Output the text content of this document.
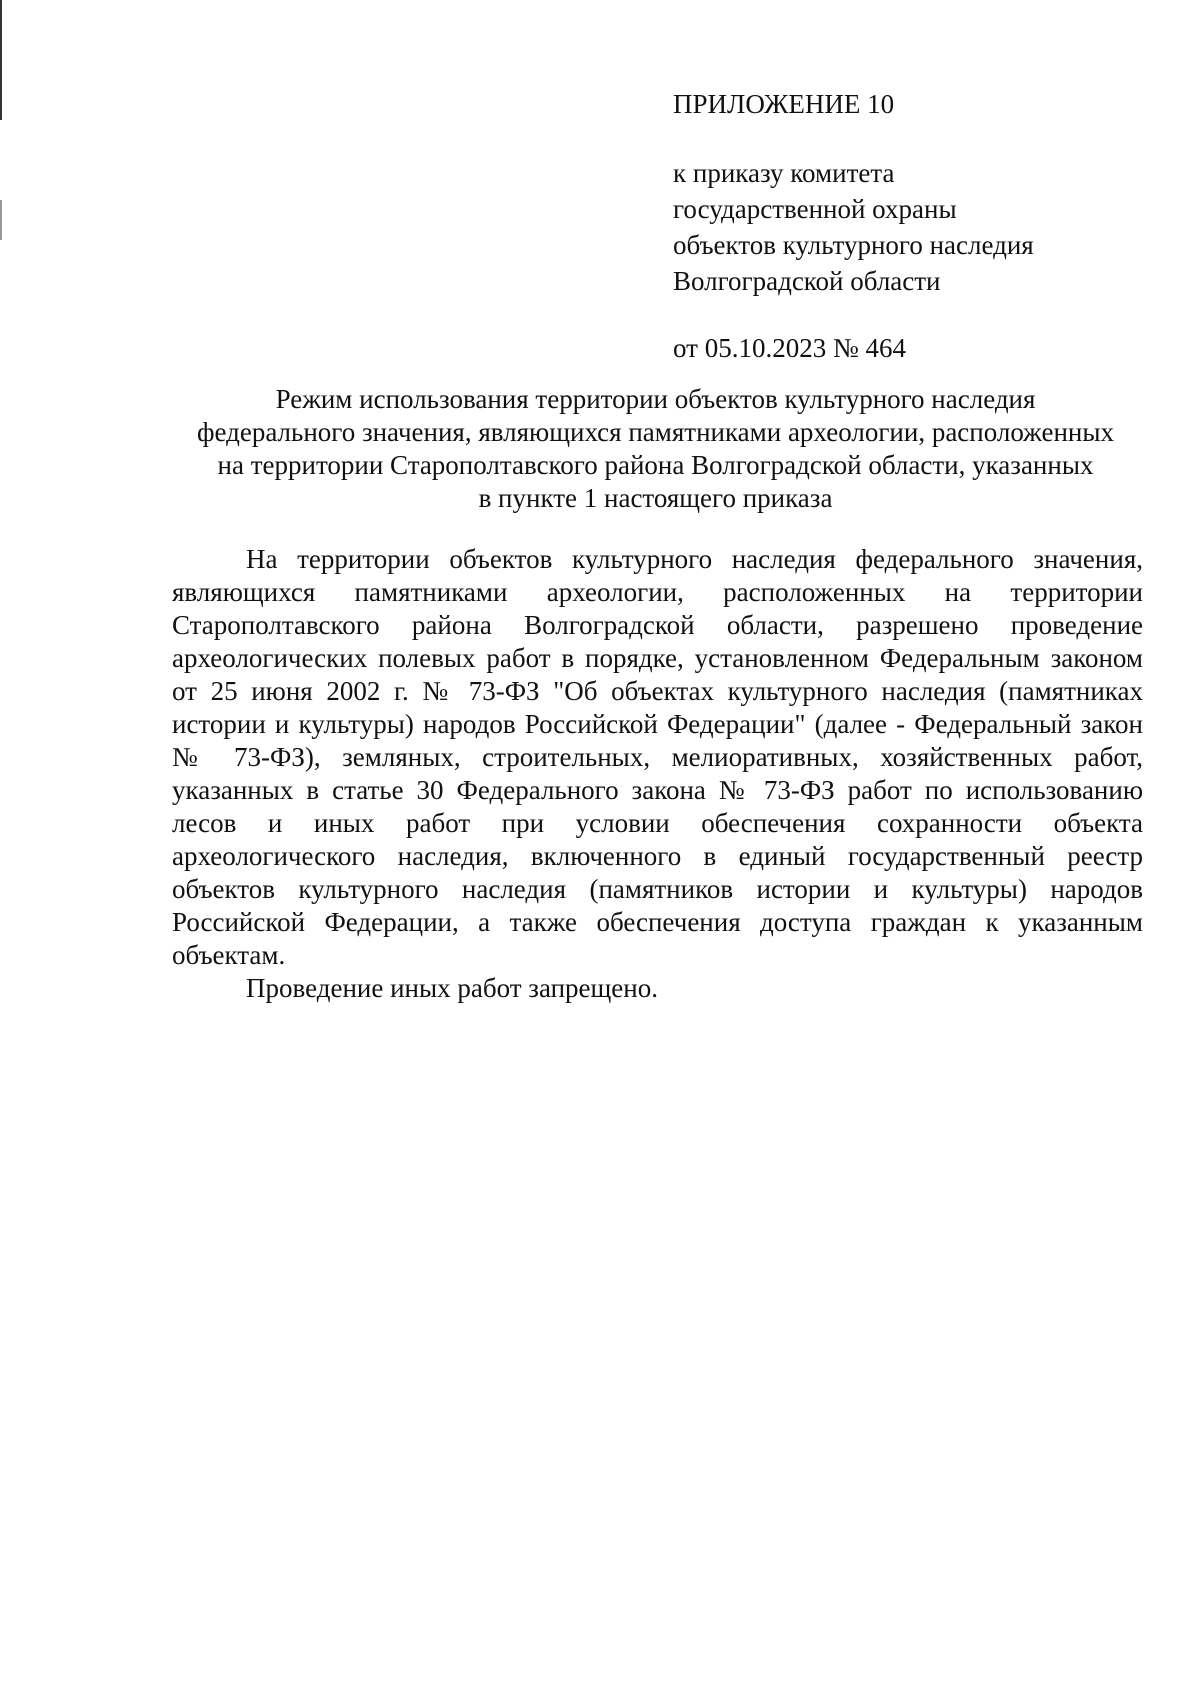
ПРИЛОЖЕНИЕ 10
к приказу комитета
государственной охраны
объектов культурного наследия
Волгоградской области
от 05.10.2023 № 464
Режим использования территории объектов культурного наследия
федерального значения, являющихся памятниками археологии, расположенных
на территории Старополтавского района Волгоградской области, указанных
в пункте 1 настоящего приказа

На территории объектов культурного наследия федерального значения, являющихся памятниками археологии, расположенных на территории Старополтавского района Волгоградской области, разрешено проведение археологических полевых работ в порядке, установленном Федеральным законом от 25 июня 2002 г. № 73-ФЗ "Об объектах культурного наследия (памятниках истории и культуры) народов Российской Федерации" (далее - Федеральный закон № 73-ФЗ), земляных, строительных, мелиоративных, хозяйственных работ, указанных в статье 30 Федерального закона № 73-ФЗ работ по использованию лесов и иных работ при условии обеспечения сохранности объекта археологического наследия, включенного в единый государственный реестр объектов культурного наследия (памятников истории и культуры) народов Российской Федерации, а также обеспечения доступа граждан к указанным объектам.

Проведение иных работ запрещено.
